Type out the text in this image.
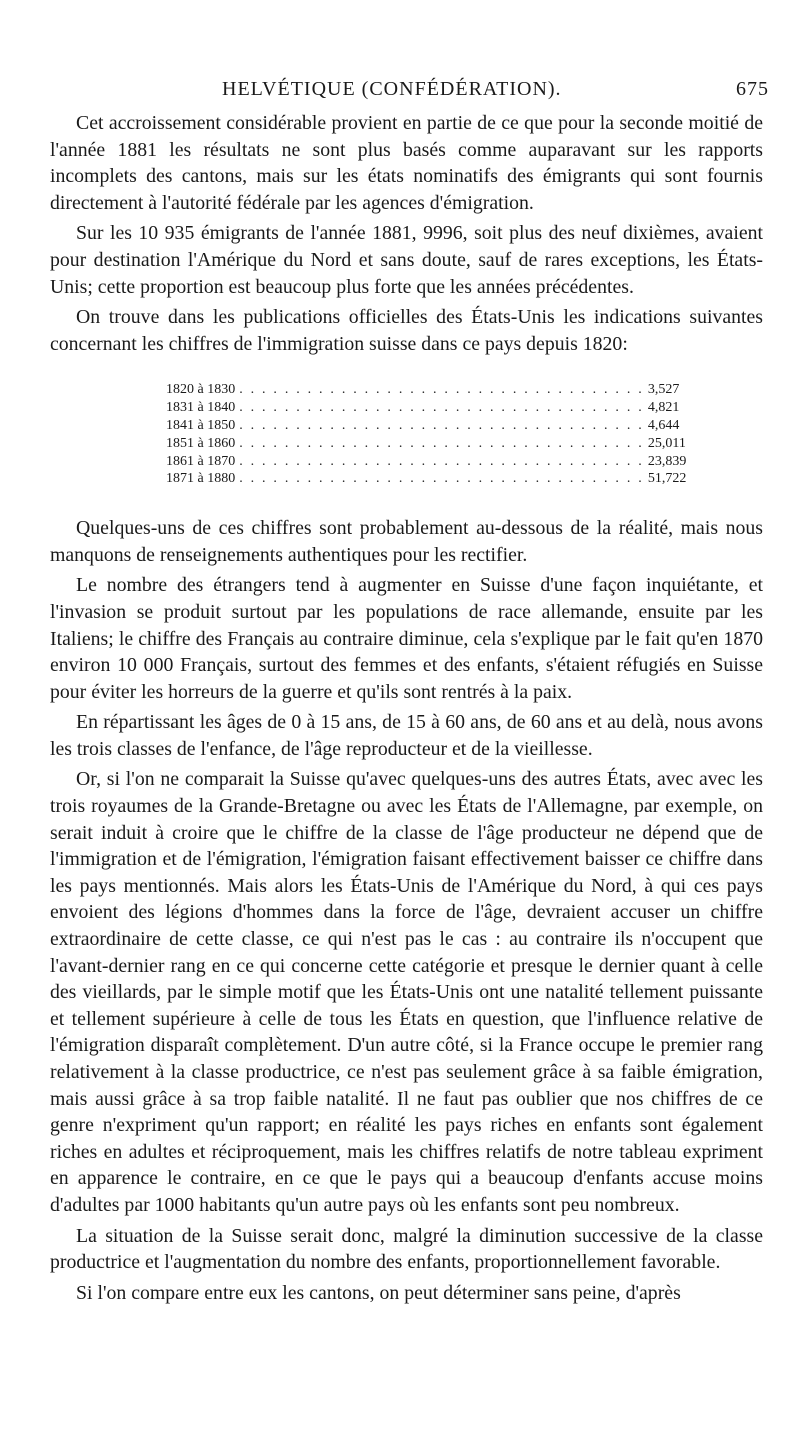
HELVÉTIQUE (CONFÉDÉRATION).	675

Cet accroissement considérable provient en partie de ce que pour la seconde moitié de l'année 1881 les résultats ne sont plus basés comme auparavant sur les rapports incomplets des cantons, mais sur les états nominatifs des émigrants qui sont fournis directement à l'autorité fédérale par les agences d'émigration.

Sur les 10 935 émigrants de l'année 1881, 9996, soit plus des neuf dixièmes, avaient pour destination l'Amérique du Nord et sans doute, sauf de rares exceptions, les États-Unis; cette proportion est beaucoup plus forte que les années précédentes.

On trouve dans les publications officielles des États-Unis les indications suivantes concernant les chiffres de l'immigration suisse dans ce pays depuis 1820:

1820 à 1830 . . . . . . . . . . . . . . . . . . . . . . . . . . . . . . . . . . . . 3,527
1831 à 1840 . . . . . . . . . . . . . . . . . . . . . . . . . . . . . . . . . . . . 4,821
1841 à 1850 . . . . . . . . . . . . . . . . . . . . . . . . . . . . . . . . . . . . 4,644
1851 à 1860 . . . . . . . . . . . . . . . . . . . . . . . . . . . . . . . . . . . . 25,011
1861 à 1870 . . . . . . . . . . . . . . . . . . . . . . . . . . . . . . . . . . . . 23,839
1871 à 1880 . . . . . . . . . . . . . . . . . . . . . . . . . . . . . . . . . . . . 51,722

Quelques-uns de ces chiffres sont probablement au-dessous de la réalité, mais nous manquons de renseignements authentiques pour les rectifier.

Le nombre des étrangers tend à augmenter en Suisse d'une façon inquiétante, et l'invasion se produit surtout par les populations de race allemande, ensuite par les Italiens; le chiffre des Français au contraire diminue, cela s'explique par le fait qu'en 1870 environ 10 000 Français, surtout des femmes et des enfants, s'étaient réfugiés en Suisse pour éviter les horreurs de la guerre et qu'ils sont rentrés à la paix.

En répartissant les âges de 0 à 15 ans, de 15 à 60 ans, de 60 ans et au delà, nous avons les trois classes de l'enfance, de l'âge reproducteur et de la vieillesse.

Or, si l'on ne comparait la Suisse qu'avec quelques-uns des autres États, avec avec les trois royaumes de la Grande-Bretagne ou avec les États de l'Allemagne, par exemple, on serait induit à croire que le chiffre de la classe de l'âge producteur ne dépend que de l'immigration et de l'émigration, l'émigration faisant effectivement baisser ce chiffre dans les pays mentionnés. Mais alors les États-Unis de l'Amérique du Nord, à qui ces pays envoient des légions d'hommes dans la force de l'âge, devraient accuser un chiffre extraordinaire de cette classe, ce qui n'est pas le cas : au contraire ils n'occupent que l'avant-dernier rang en ce qui concerne cette catégorie et presque le dernier quant à celle des vieillards, par le simple motif que les États-Unis ont une natalité tellement puissante et tellement supérieure à celle de tous les États en question, que l'influence relative de l'émigration disparaît complètement. D'un autre côté, si la France occupe le premier rang relativement à la classe productrice, ce n'est pas seulement grâce à sa faible émigration, mais aussi grâce à sa trop faible natalité. Il ne faut pas oublier que nos chiffres de ce genre n'expriment qu'un rapport; en réalité les pays riches en enfants sont également riches en adultes et réciproquement, mais les chiffres relatifs de notre tableau expriment en apparence le contraire, en ce que le pays qui a beaucoup d'enfants accuse moins d'adultes par 1000 habitants qu'un autre pays où les enfants sont peu nombreux.

La situation de la Suisse serait donc, malgré la diminution successive de la classe productrice et l'augmentation du nombre des enfants, proportionnellement favorable.

Si l'on compare entre eux les cantons, on peut déterminer sans peine, d'après
